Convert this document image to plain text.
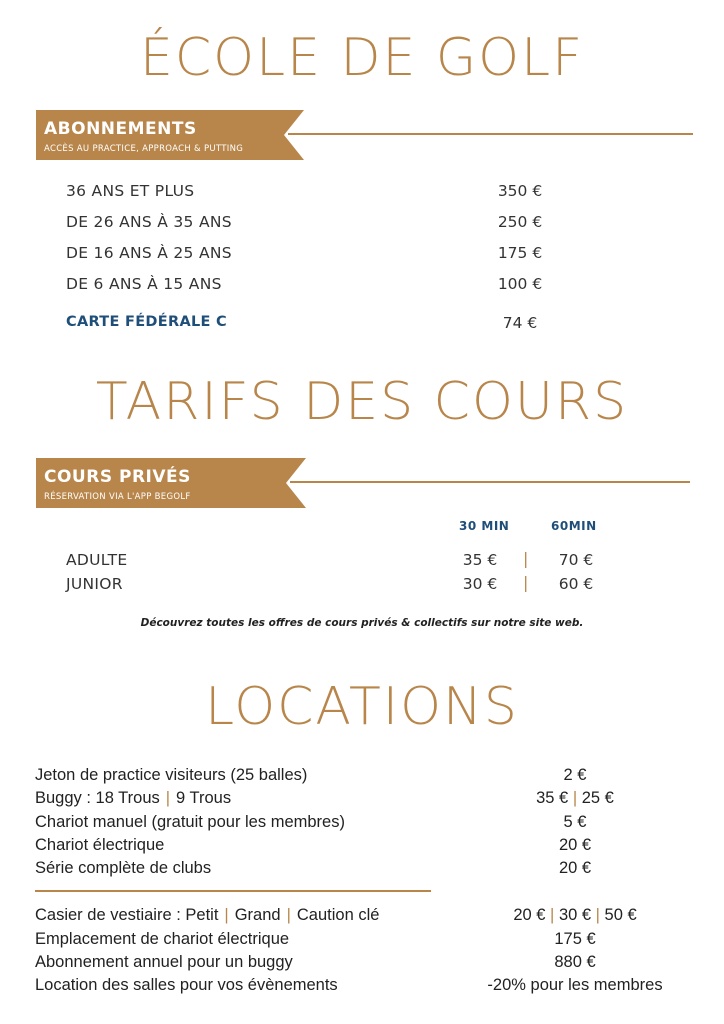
ÉCOLE DE GOLF
ABONNEMENTS
ACCÈS AU PRACTICE, APPROACH & PUTTING
36 ANS ET PLUS	350 €
DE 26 ANS À 35 ANS	250 €
DE 16 ANS À 25 ANS	175 €
DE 6 ANS À 15 ANS	100 €
CARTE FÉDÉRALE C	74 €
TARIFS DES COURS
COURS PRIVÉS
RÉSERVATION VIA L'APP BEGOLF
30 MIN	60MIN
ADULTE	35 €	|	70 €
JUNIOR	30 €	|	60 €
Découvrez toutes les offres de cours privés & collectifs sur notre site web.
LOCATIONS
Jeton de practice visiteurs (25 balles)	2 €
Buggy : 18 Trous | 9 Trous	35 € | 25 €
Chariot manuel (gratuit pour les membres)	5 €
Chariot électrique	20 €
Série complète de clubs	20 €
Casier de vestiaire : Petit | Grand | Caution clé	20 € | 30 € | 50 €
Emplacement de chariot électrique	175 €
Abonnement annuel pour un buggy	880 €
Location des salles pour vos évènements	-20% pour les membres
